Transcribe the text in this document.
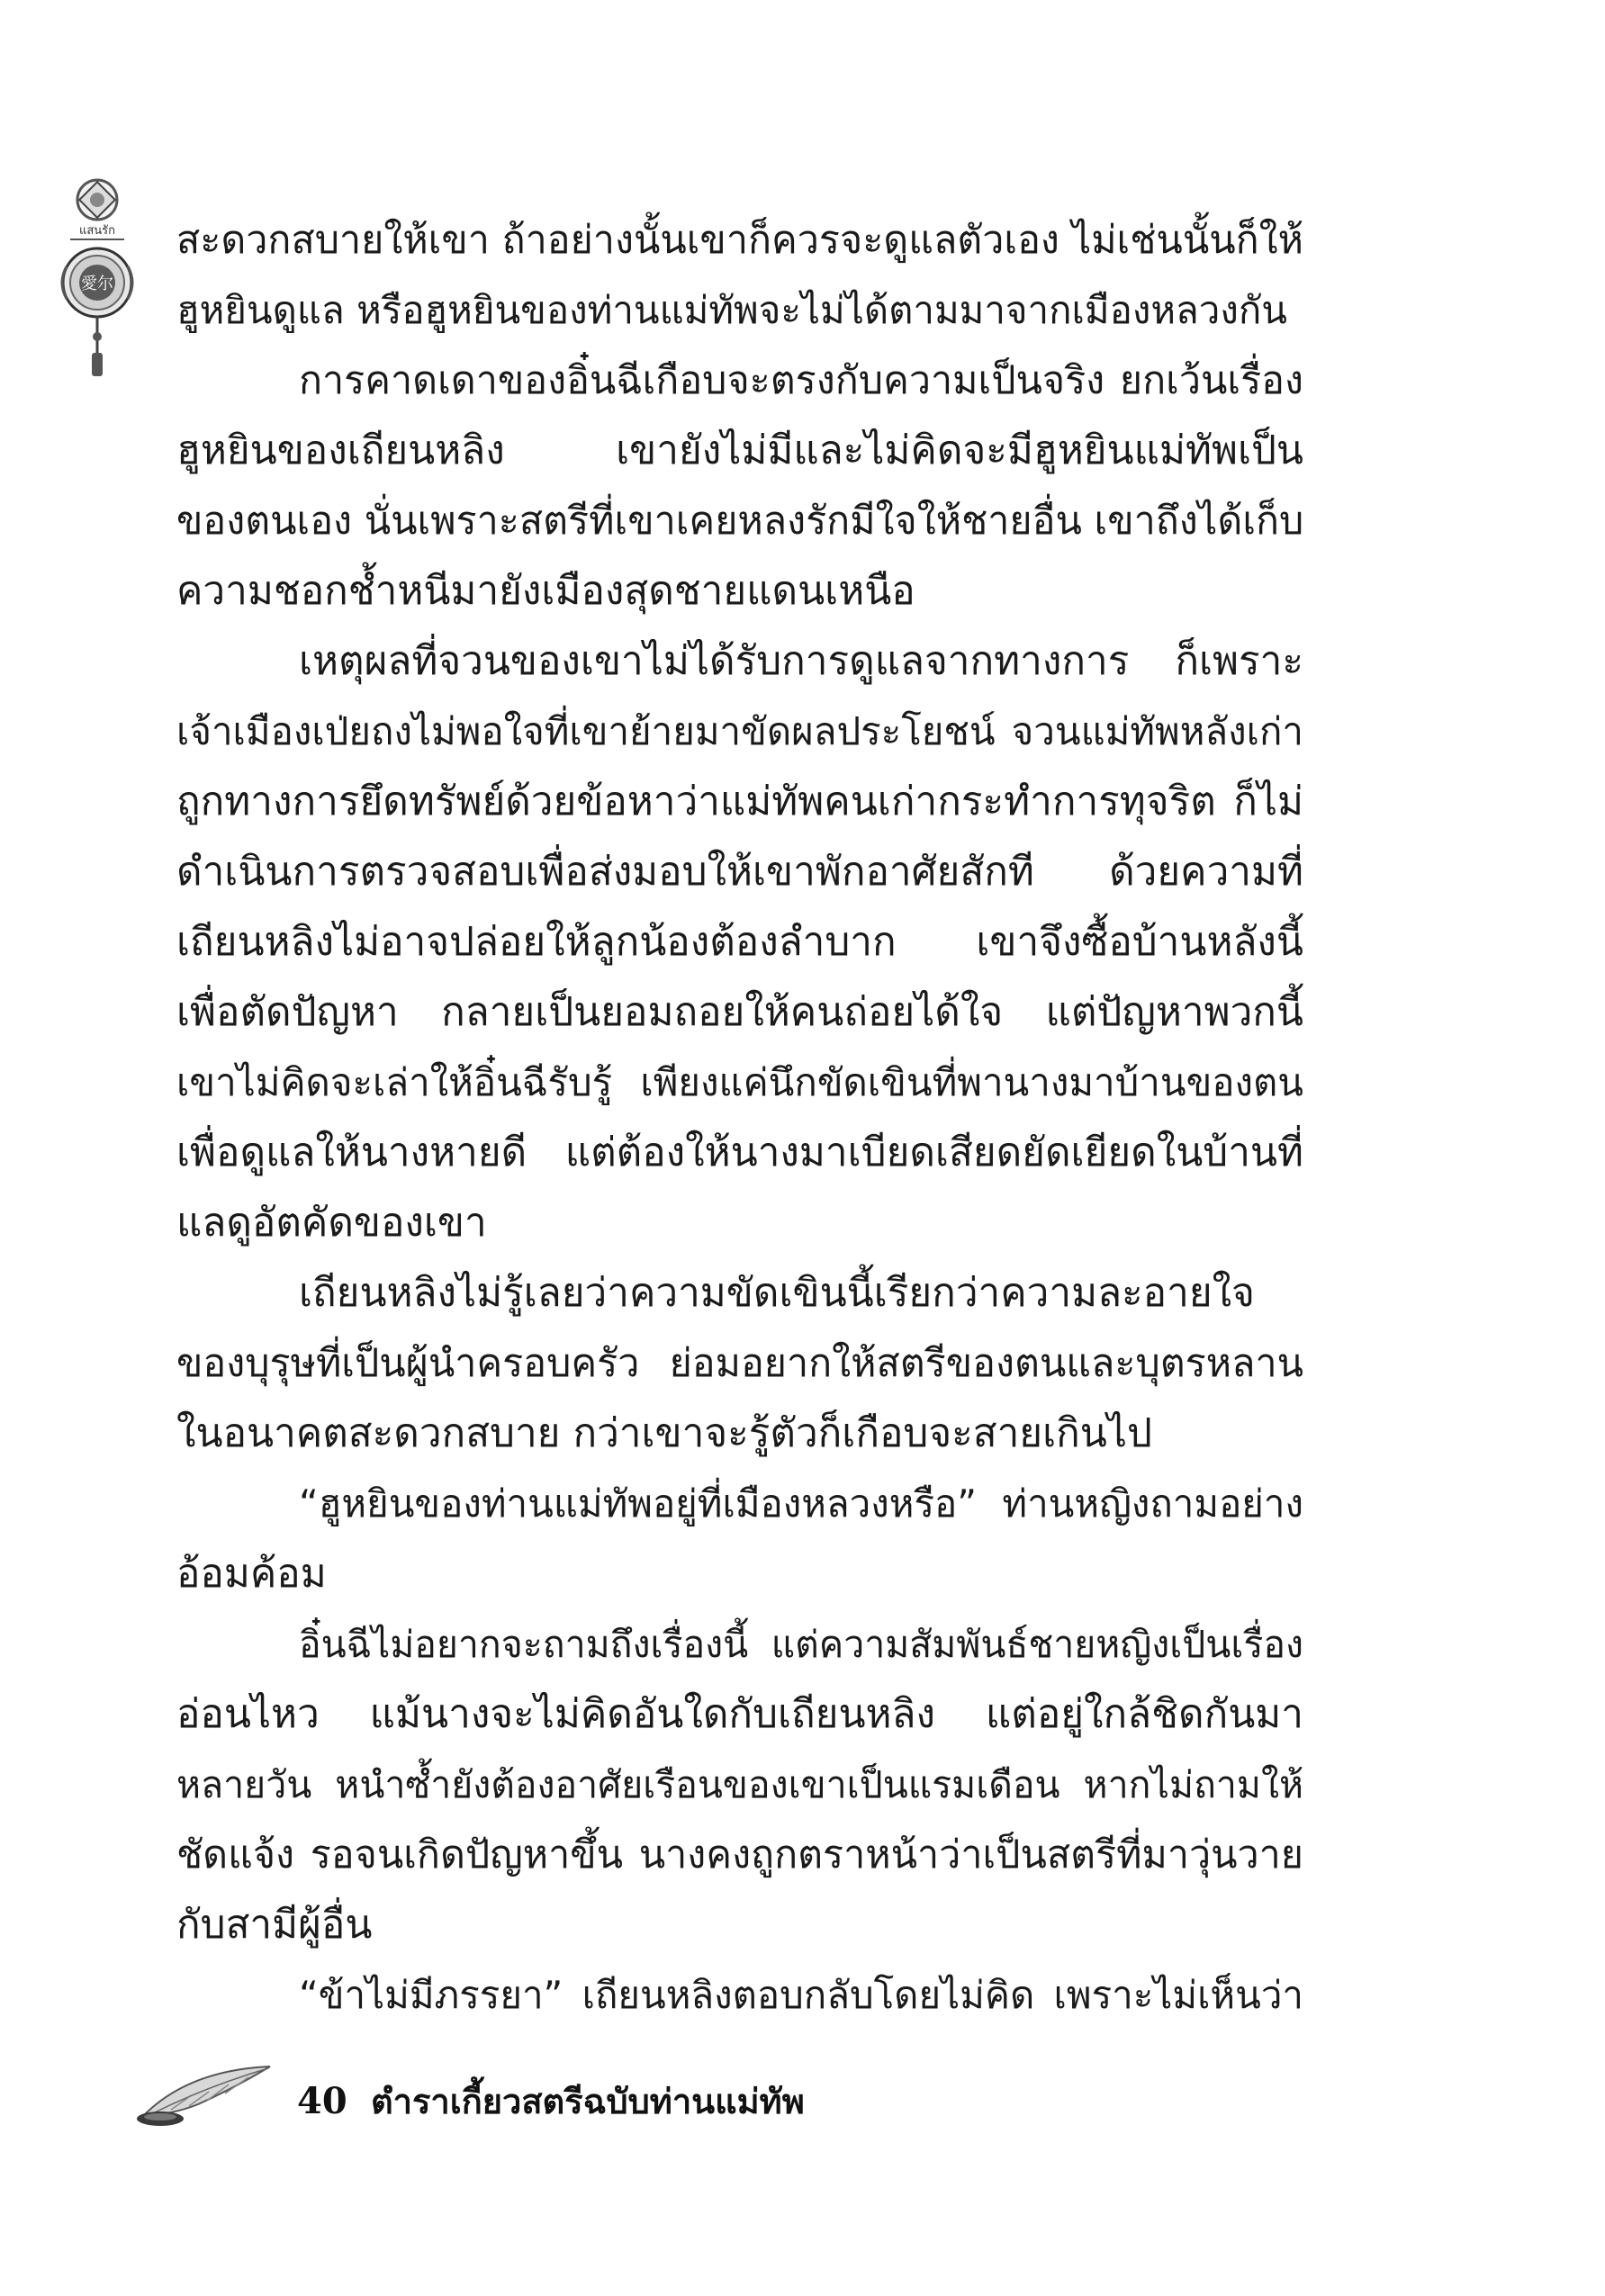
แสนรัก
愛尔
สะดวกสบายให้เขา ถ้าอย่างนั้นเขาก็ควรจะดูแลตัวเอง ไม่เช่นนั้นก็ให้
ฮูหยินดูแล หรือฮูหยินของท่านแม่ทัพจะไม่ได้ตามมาจากเมืองหลวงกัน
การคาดเดาของอิ๋นฉีเกือบจะตรงกับความเป็นจริง ยกเว้นเรื่อง
ฮูหยินของเถียนหลิง เขายังไม่มีและไม่คิดจะมีฮูหยินแม่ทัพเป็น
ของตนเอง นั่นเพราะสตรีที่เขาเคยหลงรักมีใจให้ชายอื่น เขาถึงได้เก็บ
ความชอกช้ำหนีมายังเมืองสุดชายแดนเหนือ
เหตุผลที่จวนของเขาไม่ได้รับการดูแลจากทางการ ก็เพราะ
เจ้าเมืองเป่ยถงไม่พอใจที่เขาย้ายมาขัดผลประโยชน์ จวนแม่ทัพหลังเก่า
ถูกทางการยึดทรัพย์ด้วยข้อหาว่าแม่ทัพคนเก่ากระทำการทุจริต ก็ไม่
ดำเนินการตรวจสอบเพื่อส่งมอบให้เขาพักอาศัยสักที ด้วยความที่
เถียนหลิงไม่อาจปล่อยให้ลูกน้องต้องลำบาก เขาจึงซื้อบ้านหลังนี้
เพื่อตัดปัญหา กลายเป็นยอมถอยให้คนถ่อยได้ใจ แต่ปัญหาพวกนี้
เขาไม่คิดจะเล่าให้อิ๋นฉีรับรู้ เพียงแค่นึกขัดเขินที่พานางมาบ้านของตน
เพื่อดูแลให้นางหายดี แต่ต้องให้นางมาเบียดเสียดยัดเยียดในบ้านที่
แลดูอัตคัดของเขา
เถียนหลิงไม่รู้เลยว่าความขัดเขินนี้เรียกว่าความละอายใจ
ของบุรุษที่เป็นผู้นำครอบครัว ย่อมอยากให้สตรีของตนและบุตรหลาน
ในอนาคตสะดวกสบาย กว่าเขาจะรู้ตัวก็เกือบจะสายเกินไป
“ฮูหยินของท่านแม่ทัพอยู่ที่เมืองหลวงหรือ” ท่านหญิงถามอย่าง
อ้อมค้อม
อิ๋นฉีไม่อยากจะถามถึงเรื่องนี้ แต่ความสัมพันธ์ชายหญิงเป็นเรื่อง
อ่อนไหว แม้นางจะไม่คิดอันใดกับเถียนหลิง แต่อยู่ใกล้ชิดกันมา
หลายวัน หนำซ้ำยังต้องอาศัยเรือนของเขาเป็นแรมเดือน หากไม่ถามให้
ชัดแจ้ง รอจนเกิดปัญหาขึ้น นางคงถูกตราหน้าว่าเป็นสตรีที่มาวุ่นวาย
กับสามีผู้อื่น
“ข้าไม่มีภรรยา” เถียนหลิงตอบกลับโดยไม่คิด เพราะไม่เห็นว่า
40 ตำราเกี้ยวสตรีฉบับท่านแม่ทัพ
